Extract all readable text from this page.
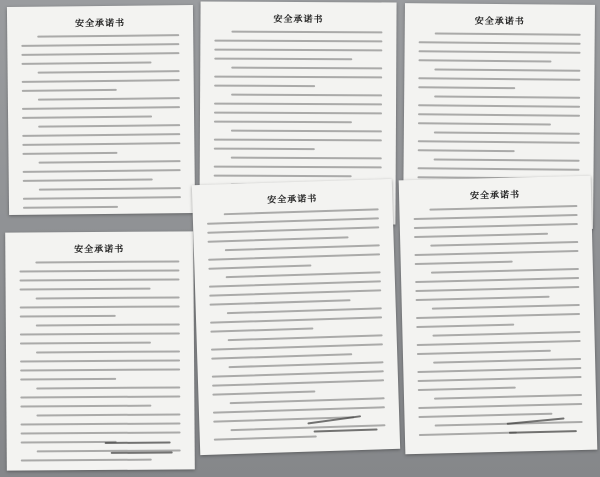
安全承诺书	安全承诺书	安全承诺书
安全承诺书
安全承诺书	安全承诺书
